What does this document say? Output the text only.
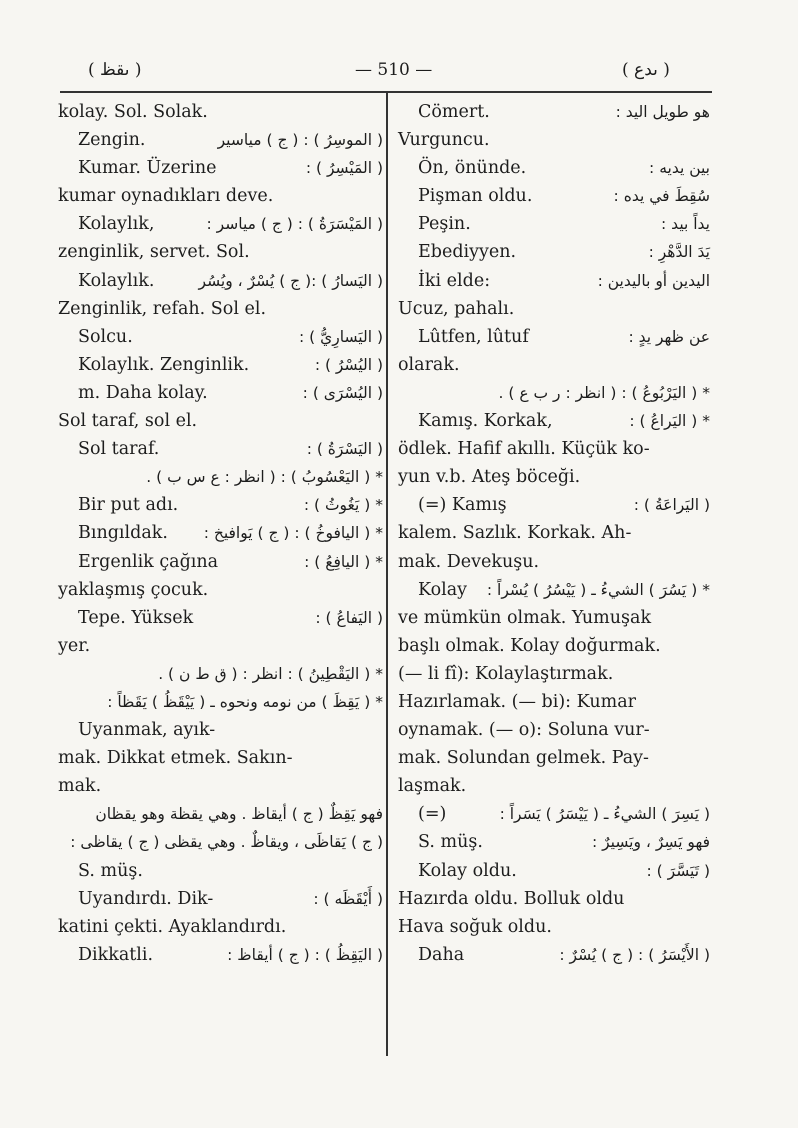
( ىقظ )	— 510 —	( ىدع )
kolay. Sol. Solak.
Zengin.	( الموسِرُ ) : ( ج ) مياسير
Kumar. Üzerine	( المَيْسِرُ ) :
kumar oynadıkları deve.
Kolaylık,	( المَيْسَرَةُ ) : ( ج ) مياسر :
zenginlik, servet. Sol.
Kolaylık.	( اليَسارُ ) :( ج ) يُسْرٌ ، ويُسُر
Zenginlik, refah. Sol el.
Solcu.	( اليَسارِيُّ ) :
Kolaylık. Zenginlik.	( اليُسْرُ ) :
m. Daha kolay.	( اليُسْرَى ) :
Sol taraf, sol el.
Sol taraf.	( اليَسْرَةُ ) :
* ( اليَعْسُوبُ ) : ( انظر : ع س ب ) .
Bir put adı.	* ( يَغُوثُ ) :
Bıngıldak. * ( اليافوخُ ) : ( ج ) يَوافيخ :
Ergenlik çağına	* ( اليافِعُ ) :
yaklaşmış çocuk.
Tepe. Yüksek	( اليَفاعُ ) :
yer.
* ( اليَقْطِينُ ) : انظر : ( ق ط ن ) .
* ( يَقِظَ ) من نومه ونحوه ـ ( يَيْقَظُ ) يَقَظاً :
Uyanmak, ayık-
mak. Dikkat etmek. Sakın-
mak.
فهو يَقِظٌ ( ج ) أيقاظ . وهي يقظة وهو يقظان
( ج ) يَقاظَى ، ويقاظٌ . وهي يقظى ( ج ) يقاظى :
S. müş.
Uyandırdı. Dik-	( أَيْقَظَه ) :
katini çekti. Ayaklandırdı.
Dikkatli.	( اليَقِظُ ) : ( ج ) أيقاظ :
Cömert.	هو طويل اليد :
Vurguncu.
Ön, önünde.	بين يديه :
Pişman oldu.	سُقِطَ في يده :
Peşin.	يداً بيد :
Ebediyyen.	يَدَ الدَّهْرِ :
İki elde:	اليدين أو باليدين :
Ucuz, pahalı.
Lûtfen, lûtuf	عن ظهر يدٍ :
olarak.
* ( اليَرْبُوعُ ) : ( انظر : ر ب ع ) .
Kamış. Korkak,	* ( اليَراعُ ) :
ödlek. Hafif akıllı. Küçük ko-
yun v.b. Ateş böceği.
(=) Kamış	( اليَراعَةُ ) :
kalem. Sazlık. Korkak. Ah-
mak. Devekuşu.
Kolay * ( يَسُرَ ) الشيءُ ـ ( يَيْسُرُ ) يُسْراً :
ve mümkün olmak. Yumuşak
başlı olmak. Kolay doğurmak.
(— li fî): Kolaylaştırmak.
Hazırlamak. (— bi): Kumar
oynamak. (— o): Soluna vur-
mak. Solundan gelmek. Pay-
laşmak.
(=)	( يَسِرَ ) الشيءُ ـ ( يَيْسَرُ ) يَسَراً :
S. müş.	فهو يَسِرٌ ، ويَسِيرٌ :
Kolay oldu.	( تَيَسَّرَ ) :
Hazırda oldu. Bolluk oldu
Hava soğuk oldu.
Daha	( الأَيْسَرُ ) : ( ج ) يُسْرٌ :
